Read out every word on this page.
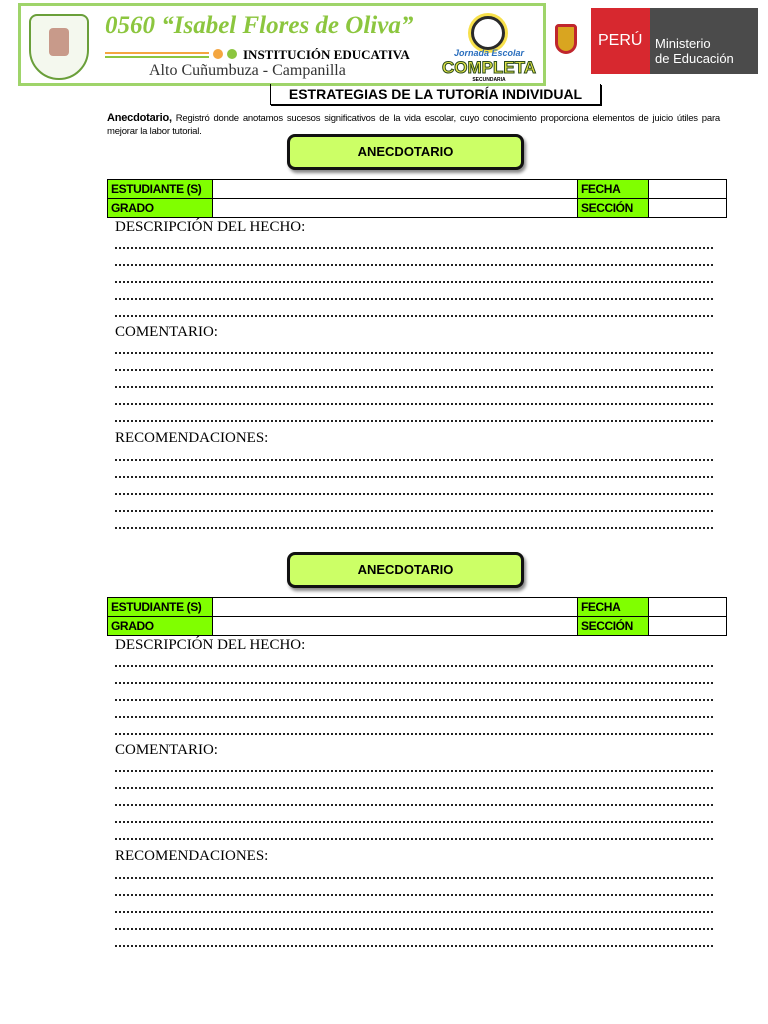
0560 “Isabel Flores de Oliva”
INSTITUCIÓN EDUCATIVA
Alto Cuñumbuza - Campanilla
Jornada Escolar
COMPLETA
SECUNDARIA
PERÚ Ministerio
de Educación
ESTRATEGIAS DE LA TUTORÍA INDIVIDUAL
Anecdotario, Registró donde anotamos sucesos significativos de la vida escolar, cuyo conocimiento proporciona elementos de juicio útiles para mejorar la labor tutorial.
ANECDOTARIO
ESTUDIANTE (S)		FECHA	
GRADO		SECCIÓN	
DESCRIPCIÓN DEL HECHO:
COMENTARIO:
RECOMENDACIONES:
ANECDOTARIO
ESTUDIANTE (S)		FECHA	
GRADO		SECCIÓN	
DESCRIPCIÓN DEL HECHO:
COMENTARIO:
RECOMENDACIONES:
